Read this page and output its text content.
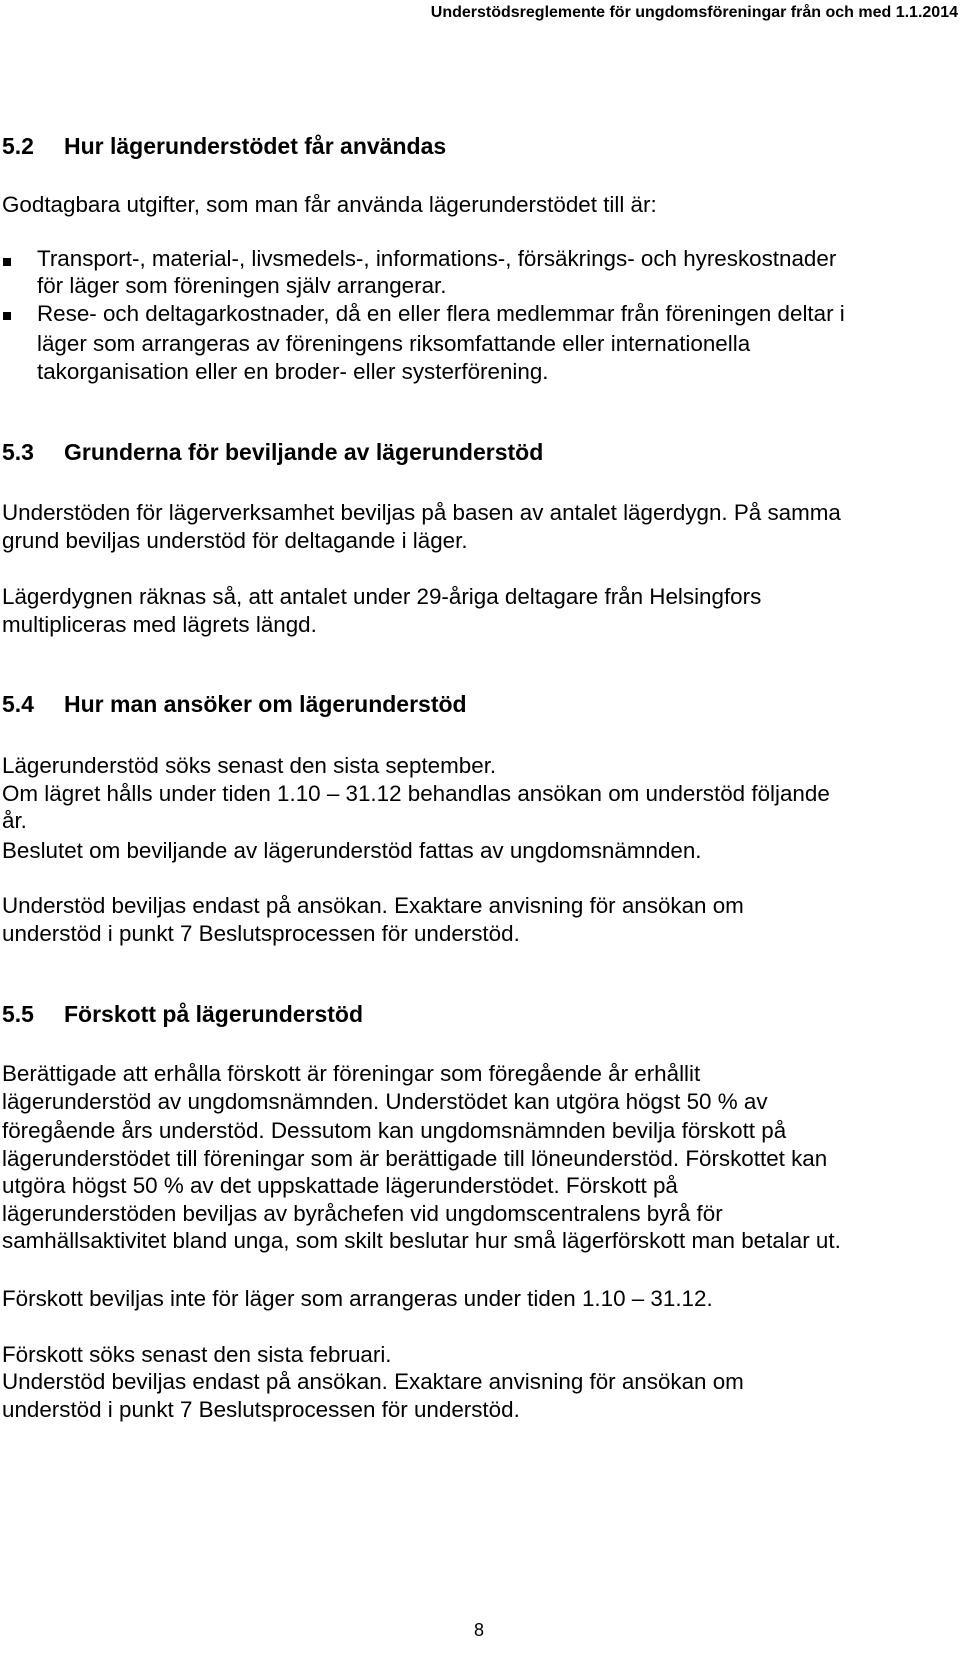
Understödsreglemente för ungdomsföreningar från och med 1.1.2014
5.2 Hur lägerunderstödet får användas
Godtagbara utgifter, som man får använda lägerunderstödet till är:
Transport-, material-, livsmedels-, informations-, försäkrings- och hyreskostnader
för läger som föreningen själv arrangerar.
Rese- och deltagarkostnader, då en eller flera medlemmar från föreningen deltar i
läger som arrangeras av föreningens riksomfattande eller internationella
takorganisation eller en broder- eller systerförening.
5.3 Grunderna för beviljande av lägerunderstöd
Understöden för lägerverksamhet beviljas på basen av antalet lägerdygn. På samma
grund beviljas understöd för deltagande i läger.
Lägerdygnen räknas så, att antalet under 29-åriga deltagare från Helsingfors
multipliceras med lägrets längd.
5.4 Hur man ansöker om lägerunderstöd
Lägerunderstöd söks senast den sista september.
Om lägret hålls under tiden 1.10 – 31.12 behandlas ansökan om understöd följande
år.
Beslutet om beviljande av lägerunderstöd fattas av ungdomsnämnden.
Understöd beviljas endast på ansökan. Exaktare anvisning för ansökan om
understöd i punkt 7 Beslutsprocessen för understöd.
5.5 Förskott på lägerunderstöd
Berättigade att erhålla förskott är föreningar som föregående år erhållit
lägerunderstöd av ungdomsnämnden. Understödet kan utgöra högst 50 % av
föregående års understöd. Dessutom kan ungdomsnämnden bevilja förskott på
lägerunderstödet till föreningar som är berättigade till löneunderstöd. Förskottet kan
utgöra högst 50 % av det uppskattade lägerunderstödet. Förskott på
lägerunderstöden beviljas av byråchefen vid ungdomscentralens byrå för
samhällsaktivitet bland unga, som skilt beslutar hur små lägerförskott man betalar ut.
Förskott beviljas inte för läger som arrangeras under tiden 1.10 – 31.12.
Förskott söks senast den sista februari.
Understöd beviljas endast på ansökan. Exaktare anvisning för ansökan om
understöd i punkt 7 Beslutsprocessen för understöd.
8
